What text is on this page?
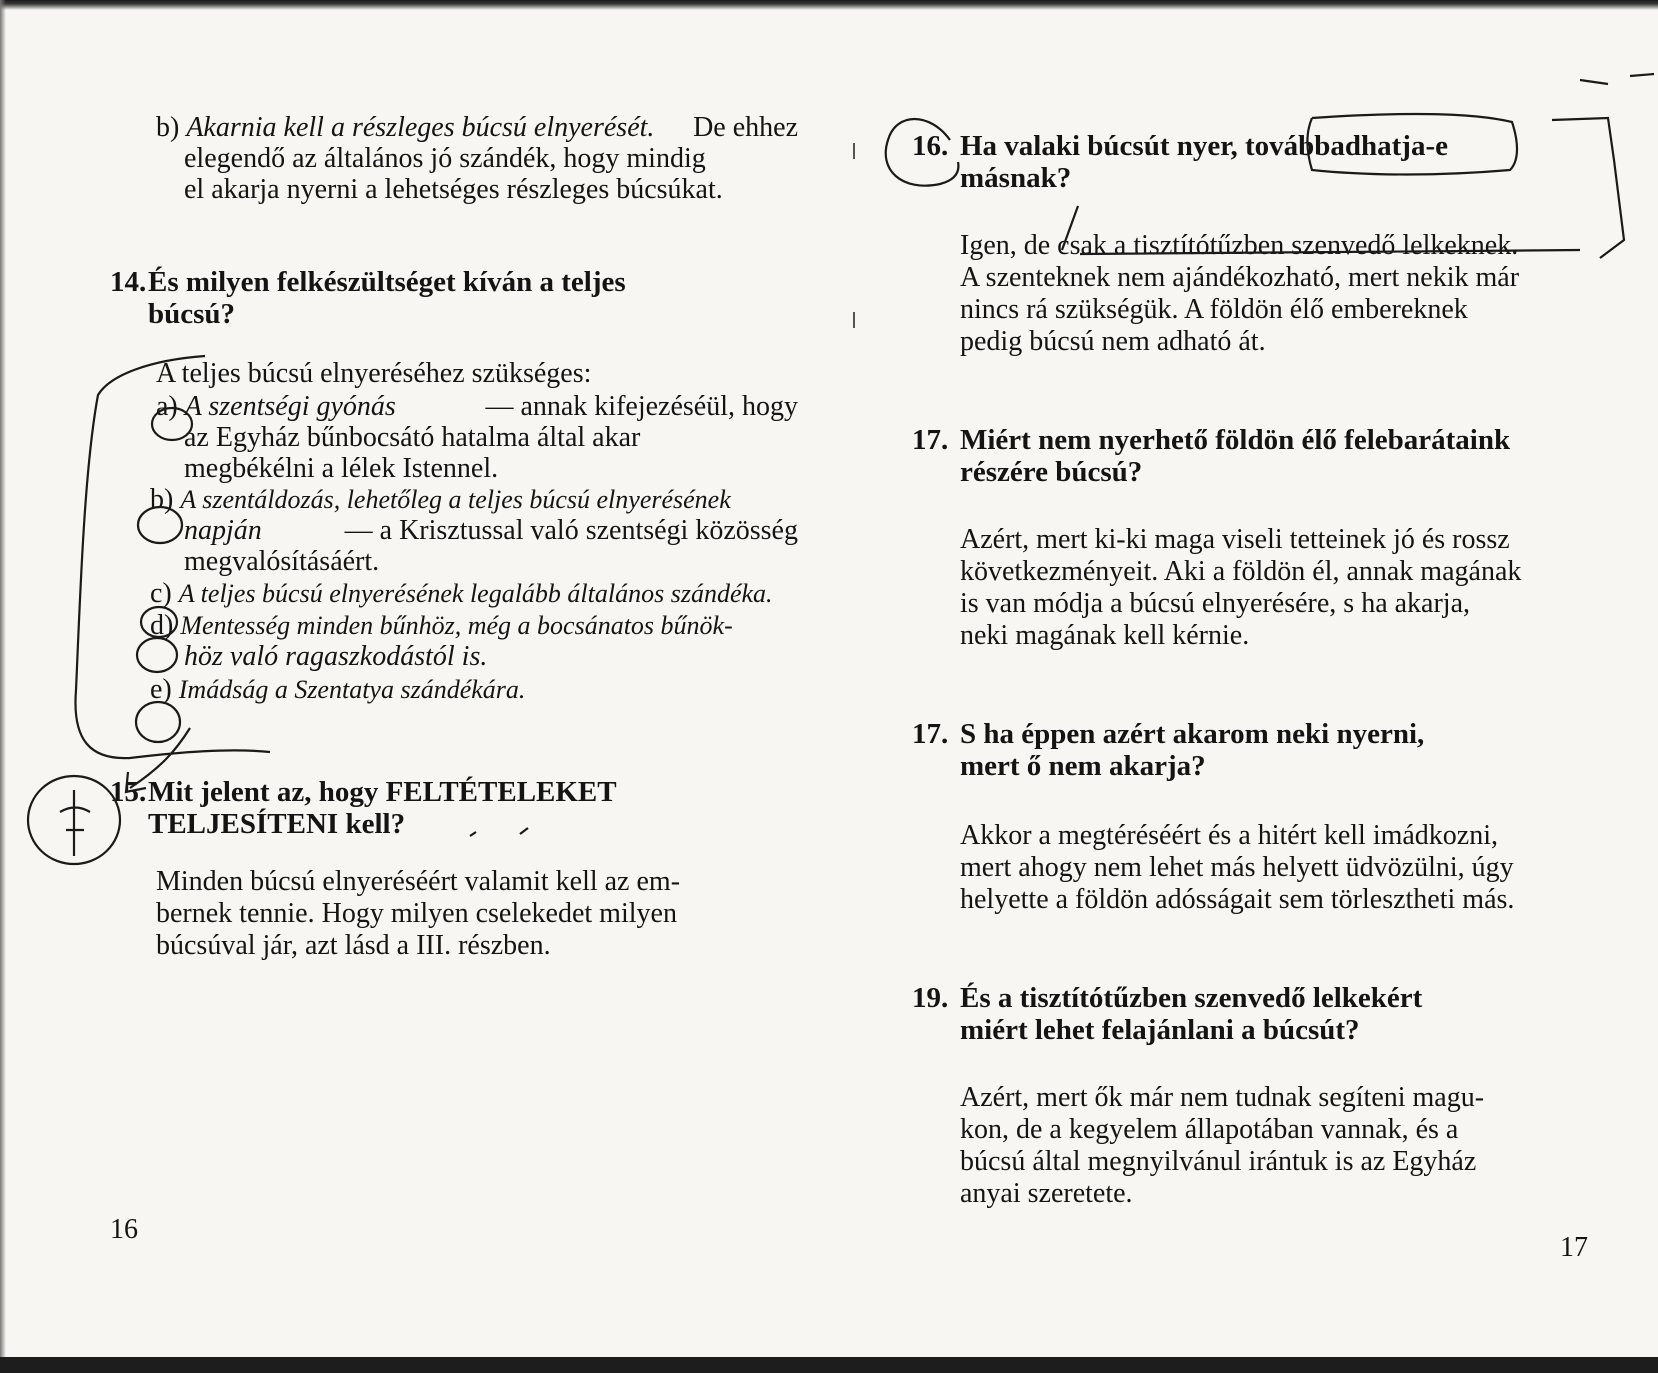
b) Akarnia kell a részleges búcsú elnyerését. De ehhez
elegendő az általános jó szándék, hogy mindig
el akarja nyerni a lehetséges részleges búcsúkat.
14. És milyen felkészültséget kíván a teljes
búcsú?
A teljes búcsú elnyeréséhez szükséges:
a) A szentségi gyónás	— annak kifejezéséül, hogy
az Egyház bűnbocsátó hatalma által akar
megbékélni a lélek Istennel.
b) A szentáldozás, lehetőleg a teljes búcsú elnyerésének
napján	— a Krisztussal való szentségi közösség
megvalósításáért.
c) A teljes búcsú elnyerésének legalább általános szándéka.
d) Mentesség minden bűnhöz, még a bocsánatos bűnök-
höz való ragaszkodástól is.
e) Imádság a Szentatya szándékára.
15. Mit jelent az, hogy FELTÉTELEKET
TELJESÍTENI kell?
Minden búcsú elnyeréséért valamit kell az em-
bernek tennie. Hogy milyen cselekedet milyen
búcsúval jár, azt lásd a III. részben.
16
16. Ha valaki búcsút nyer, továbbadhatja-e
másnak?
Igen, de csak a tisztítótűzben szenvedő lelkeknek.
A szenteknek nem ajándékozható, mert nekik már
nincs rá szükségük. A földön élő embereknek
pedig búcsú nem adható át.
17. Miért nem nyerhető földön élő felebarátaink
részére búcsú?
Azért, mert ki-ki maga viseli tetteinek jó és rossz
következményeit. Aki a földön él, annak magának
is van módja a búcsú elnyerésére, s ha akarja,
neki magának kell kérnie.
17. S ha éppen azért akarom neki nyerni,
mert ő nem akarja?
Akkor a megtéréséért és a hitért kell imádkozni,
mert ahogy nem lehet más helyett üdvözülni, úgy
helyette a földön adósságait sem törlesztheti más.
19. És a tisztítótűzben szenvedő lelkekért
miért lehet felajánlani a búcsút?
Azért, mert ők már nem tudnak segíteni magu-
kon, de a kegyelem állapotában vannak, és a
búcsú által megnyilvánul irántuk is az Egyház
anyai szeretete.
17
